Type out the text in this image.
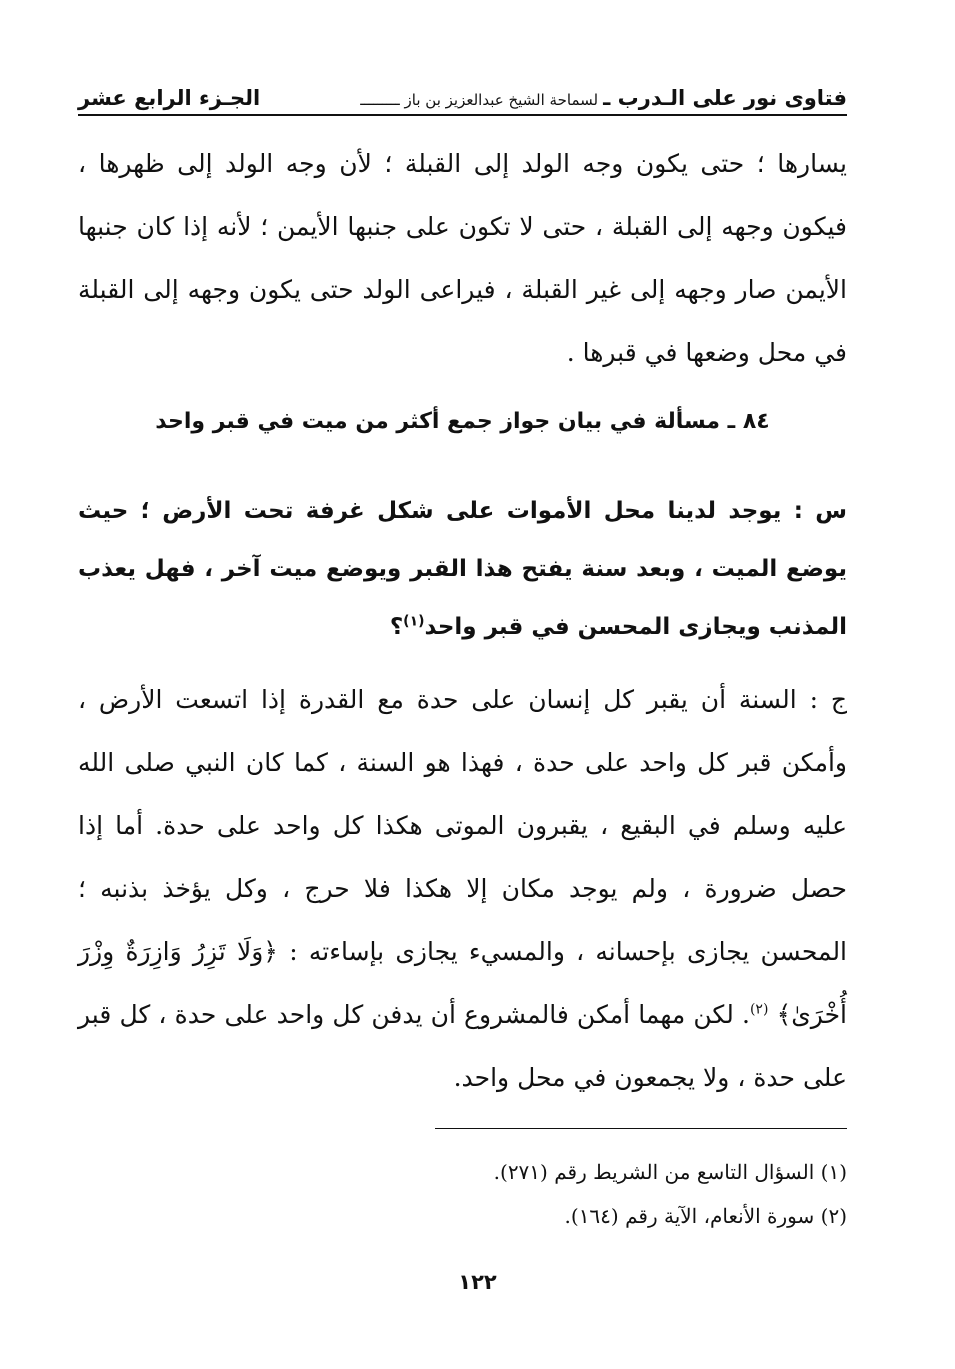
فتاوى نور على الـدرب ـ لسماحة الشيخ عبدالعزيز بن باز ـــــــــ
الجـزء الرابع عشر
يسارها ؛ حتى يكون وجه الولد إلى القبلة ؛ لأن وجه الولد إلى ظهرها ، فيكون وجهه إلى القبلة ، حتى لا تكون على جنبها الأيمن ؛ لأنه إذا كان جنبها الأيمن صار وجهه إلى غير القبلة ، فيراعى الولد حتى يكون وجهه إلى القبلة في محل وضعها في قبرها .
٨٤ ـ مسألة في بيان جواز جمع أكثر من ميت في قبر واحد
س : يوجد لدينا محل الأموات على شكل غرفة تحت الأرض ؛ حيث يوضع الميت ، وبعد سنة يفتح هذا القبر ويوضع ميت آخر ، فهل يعذب المذنب ويجازى المحسن في قبر واحد$^{(١)}$؟
ج : السنة أن يقبر كل إنسان على حدة مع القدرة إذا اتسعت الأرض ، وأمكن قبر كل واحد على حدة ، فهذا هو السنة ، كما كان النبي صلى الله عليه وسلم في البقيع ، يقبرون الموتى هكذا كل واحد على حدة. أما إذا حصل ضرورة ، ولم يوجد مكان إلا هكذا فلا حرج ، وكل يؤخذ بذنبه ؛ المحسن يجازى بإحسانه ، والمسيء يجازى بإساءته : ﴿وَلَا تَزِرُ وَازِرَةٌ وِزْرَ أُخْرَىٰ﴾ $^{(٢)}$. لكن مهما أمكن فالمشروع أن يدفن كل واحد على حدة ، كل قبر على حدة ، ولا يجمعون في محل واحد.
(١) السؤال التاسع من الشريط رقم (٢٧١).
(٢) سورة الأنعام، الآية رقم (١٦٤).
١٢٢
